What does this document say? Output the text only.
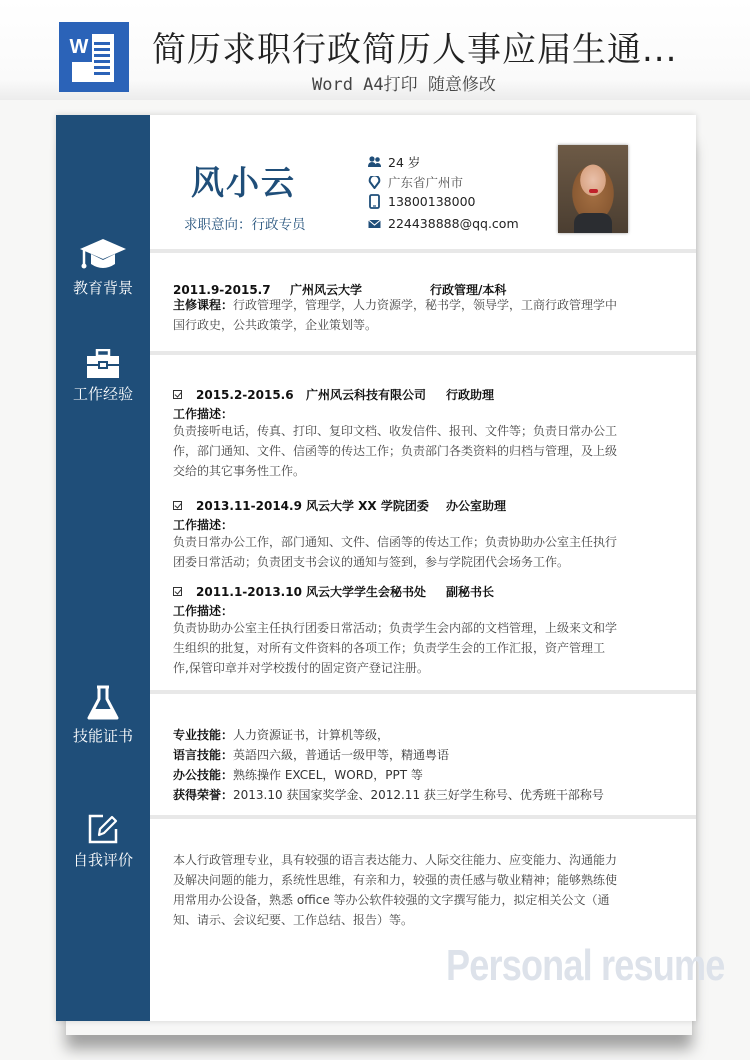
W 简历求职行政简历人事应届生通...
Word A4打印 随意修改
教育背景
工作经验
技能证书
自我评价
风小云
求职意向：行政专员
24 岁
广东省广州市
13800138000
224438888@qq.com
2011.9-2015.7 广州风云大学	行政管理/本科
主修课程：行政管理学，管理学，人力资源学，秘书学，领导学，工商行政管理学中国行政史，公共政策学，企业策划等。
2015.2-2015.6 广州风云科技有限公司 行政助理
工作描述：
负责接听电话，传真、打印、复印文档、收发信件、报刊、文件等；负责日常办公工作，部门通知、文件、信函等的传达工作；负责部门各类资料的归档与管理，及上级交给的其它事务性工作。
2013.11-2014.9 风云大学 XX 学院团委 办公室助理
工作描述：
负责日常办公工作，部门通知、文件、信函等的传达工作；负责协助办公室主任执行团委日常活动；负责团支书会议的通知与签到，参与学院团代会场务工作。
2011.1-2013.10 风云大学学生会秘书处 副秘书长
工作描述：
负责协助办公室主任执行团委日常活动；负责学生会内部的文档管理，上级来文和学生组织的批复，对所有文件资料的各项工作；负责学生会的工作汇报，资产管理工作,保管印章并对学校拨付的固定资产登记注册。
专业技能：人力资源证书，计算机等级，
语言技能：英語四六級，普通话一级甲等，精通粤语
办公技能：熟练操作 EXCEL，WORD，PPT 等
获得荣誉：2013.10 获国家奖学金、2012.11 获三好学生称号、优秀班干部称号
本人行政管理专业，具有较强的语言表达能力、人际交往能力、应变能力、沟通能力及解决问题的能力，系统性思维，有亲和力，较强的责任感与敬业精神；能够熟练使用常用办公设备，熟悉 office 等办公软件较强的文字撰写能力，拟定相关公文（通知、请示、会议纪要、工作总结、报告）等。
Personal resume
